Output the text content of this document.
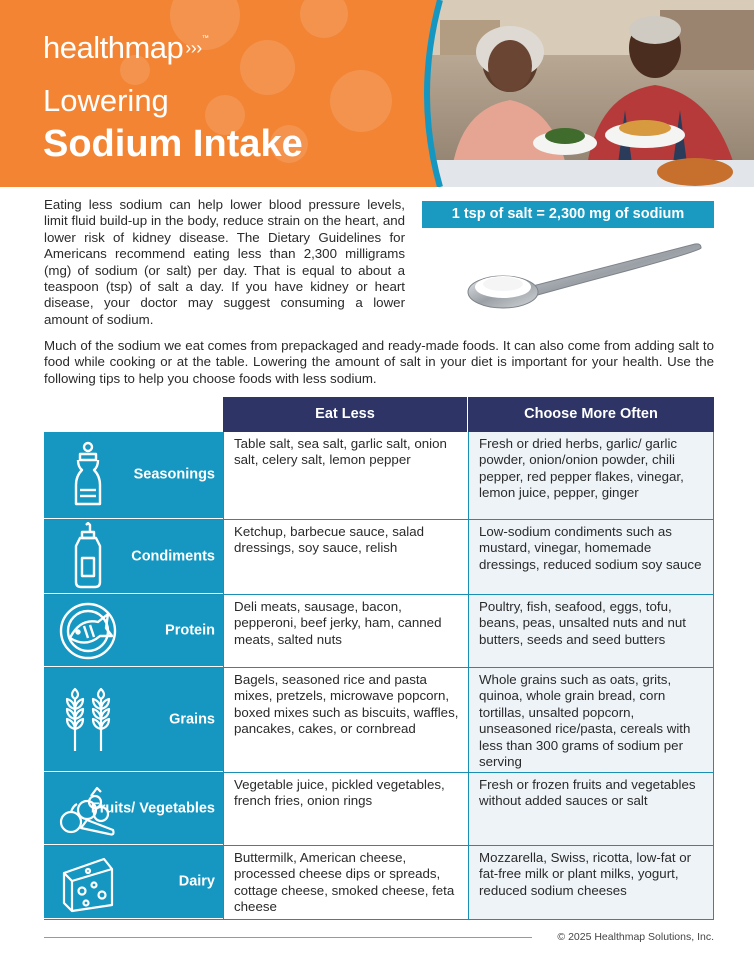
healthmap ›››™
Lowering
Sodium Intake

Eating less sodium can help lower blood pressure levels, limit fluid build-up in the body, reduce strain on the heart, and lower risk of kidney disease. The Dietary Guidelines for Americans recommend eating less than 2,300 milligrams (mg) of sodium (or salt) per day. That is equal to about a teaspoon (tsp) of salt a day. If you have kidney or heart disease, your doctor may suggest consuming a lower amount of sodium.

1 tsp of salt = 2,300 mg of sodium

Much of the sodium we eat comes from prepackaged and ready-made foods. It can also come from adding salt to food while cooking or at the table. Lowering the amount of salt in your diet is important for your health. Use the following tips to help you choose foods with less sodium.

Eat Less	Choose More Often
Seasonings
Table salt, sea salt, garlic salt, onion salt, celery salt, lemon pepper
Fresh or dried herbs, garlic/ garlic powder, onion/onion powder, chili pepper, red pepper flakes, vinegar, lemon juice, pepper, ginger
Condiments
Ketchup, barbecue sauce, salad dressings, soy sauce, relish
Low-sodium condiments such as mustard, vinegar, homemade dressings, reduced sodium soy sauce
Protein
Deli meats, sausage, bacon, pepperoni, beef jerky, ham, canned meats, salted nuts
Poultry, fish, seafood, eggs, tofu, beans, peas, unsalted nuts and nut butters, seeds and seed butters
Grains
Bagels, seasoned rice and pasta mixes, pretzels, microwave popcorn, boxed mixes such as biscuits, waffles, pancakes, cakes, or cornbread
Whole grains such as oats, grits, quinoa, whole grain bread, corn tortillas, unsalted popcorn, unseasoned rice/pasta, cereals with less than 300 grams of sodium per serving
Fruits/ Vegetables
Vegetable juice, pickled vegetables, french fries, onion rings
Fresh or frozen fruits and vegetables without added sauces or salt
Dairy
Buttermilk, American cheese, processed cheese dips or spreads, cottage cheese, smoked cheese, feta cheese
Mozzarella, Swiss, ricotta, low-fat or fat-free milk or plant milks, yogurt, reduced sodium cheeses
© 2025 Healthmap Solutions, Inc.
